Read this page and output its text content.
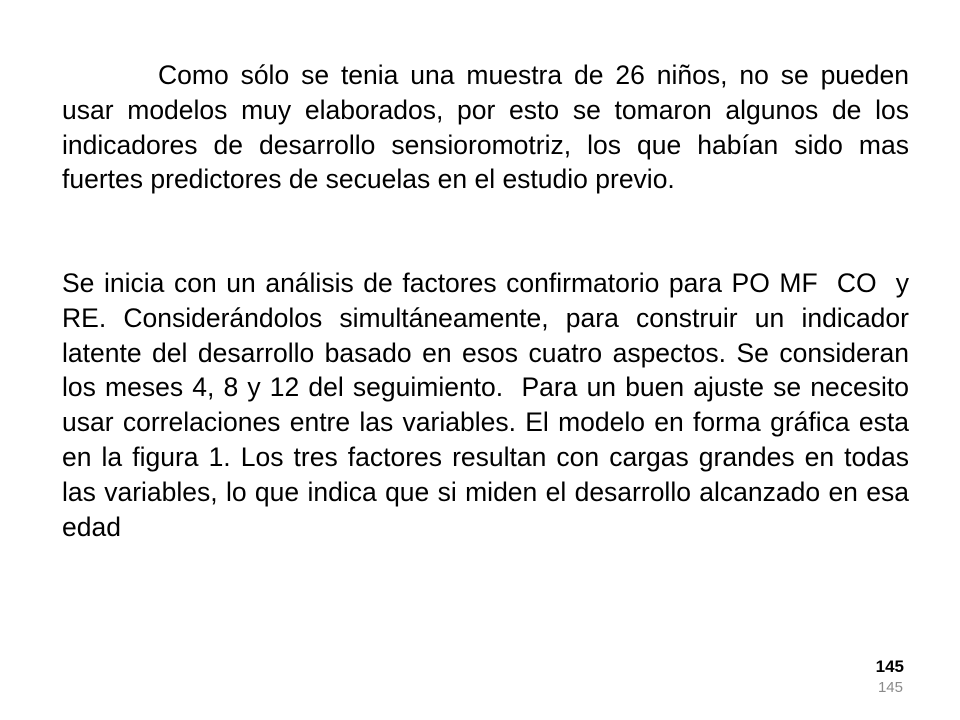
Como sólo se tenia una muestra de 26 niños, no se pueden usar modelos muy elaborados, por esto se tomaron algunos de los indicadores de desarrollo sensioromotriz, los que habían sido mas fuertes predictores de secuelas en el estudio previo.

Se inicia con un análisis de factores confirmatorio para PO MF  CO  y   RE. Considerándolos simultáneamente, para construir un indicador latente del desarrollo basado en esos cuatro aspectos. Se consideran los meses 4, 8 y 12 del seguimiento.  Para un buen ajuste se necesito usar correlaciones entre las variables. El modelo en forma gráfica esta en la figura 1. Los tres factores resultan con cargas grandes en todas las variables, lo que indica que si miden el desarrollo alcanzado en esa edad

145

145
